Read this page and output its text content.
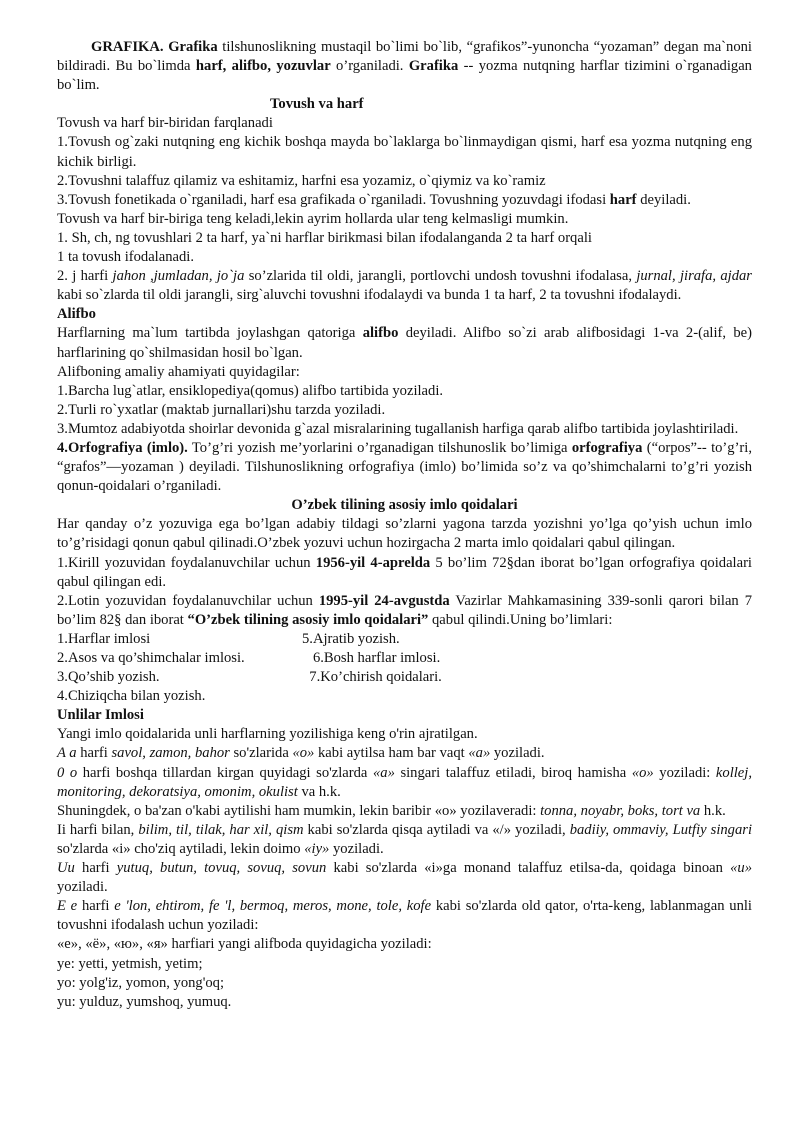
GRAFIKA. Grafika tilshunoslikning mustaqil bo`limi bo`lib, “grafikos”-yunoncha “yozaman” degan ma`noni bildiradi. Bu bo`limda harf, alifbo, yozuvlar o’rganiladi. Grafika -- yozma nutqning harflar tizimini o`rganadigan bo`lim.

Tovush va harf

Tovush va harf bir-biridan farqlanadi

1.Tovush og`zaki nutqning eng kichik boshqa mayda bo`laklarga bo`linmaydigan qismi, harf esa yozma nutqning eng kichik birligi.

2.Tovushni talaffuz qilamiz va eshitamiz, harfni esa yozamiz, o`qiymiz va ko`ramiz

3.Tovush fonetikada o`rganiladi, harf esa grafikada o`rganiladi. Tovushning yozuvdagi ifodasi harf deyiladi.

Tovush va harf bir-biriga teng keladi,lekin ayrim hollarda ular teng kelmasligi mumkin.

1. Sh, ch, ng tovushlari 2 ta harf, ya`ni harflar birikmasi bilan ifodalanganda 2 ta harf orqali

1 ta tovush ifodalanadi.

2. j harfi jahon ,jumladan, jo`ja so’zlarida til oldi, jarangli, portlovchi undosh tovushni ifodalasa, jurnal, jirafa, ajdar kabi so`zlarda til oldi jarangli, sirg`aluvchi tovushni ifodalaydi va bunda 1 ta harf, 2 ta tovushni ifodalaydi.

Alifbo

Harflarning ma`lum tartibda joylashgan qatoriga alifbo deyiladi. Alifbo so`zi arab alifbosidagi 1-va 2-(alif, be) harflarining qo`shilmasidan hosil bo`lgan.

Alifboning amaliy ahamiyati quyidagilar:

1.Barcha lug`atlar, ensiklopediya(qomus) alifbo tartibida yoziladi.

2.Turli ro`yxatlar (maktab jurnallari)shu tarzda yoziladi.

3.Mumtoz adabiyotda shoirlar devonida g`azal misralarining tugallanish harfiga qarab alifbo tartibida joylashtiriladi.

4.Orfografiya (imlo). To’g’ri yozish me’yorlarini o’rganadigan tilshunoslik bo’limiga orfografiya (“orpos”-- to’g’ri, “grafos”—yozaman ) deyiladi. Tilshunoslikning orfografiya (imlo) bo’limida so’z va qo’shimchalarni to’g’ri yozish qonun-qoidalari o’rganiladi.

O’zbek tilining asosiy imlo qoidalari

Har qanday o’z yozuviga ega bo’lgan adabiy tildagi so’zlarni yagona tarzda yozishni yo’lga qo’yish uchun imlo to’g’risidagi qonun qabul qilinadi.O’zbek yozuvi uchun hozirgacha 2 marta imlo qoidalari qabul qilingan.

1.Kirill yozuvidan foydalanuvchilar uchun 1956-yil 4-aprelda 5 bo’lim 72§dan iborat bo’lgan orfografiya qoidalari qabul qilingan edi.

2.Lotin yozuvidan foydalanuvchilar uchun 1995-yil 24-avgustda Vazirlar Mahkamasining 339-sonli qarori bilan 7 bo’lim 82§ dan iborat “O’zbek tilining asosiy imlo qoidalari” qabul qilindi.Uning bo’limlari:

1.Harflar imlosi	5.Ajratib yozish.
2.Asos va qo’shimchalar imlosi.	6.Bosh harflar imlosi.
3.Qo’shib yozish.	7.Ko’chirish qoidalari.
4.Chiziqcha bilan yozish.

Unlilar Imlosi

Yangi imlo qoidalarida unli harflarning yozilishiga keng o'rin ajratilgan.

A a harfi savol, zamon, bahor so'zlarida «o» kabi aytilsa ham bar vaqt «a» yoziladi.

0 o harfi boshqa tillardan kirgan quyidagi so'zlarda «a» singari talaffuz etiladi, biroq hamisha «o» yoziladi: kollej, monitoring, dekoratsiya, omonim, okulist va h.k.

Shuningdek, o ba'zan o'kabi aytilishi ham mumkin, lekin baribir «o» yozilaveradi: tonna, noyabr, boks, tort va h.k.

Ii harfi bilan, bilim, til, tilak, har xil, qism kabi so'zlarda qisqa aytiladi va «/» yoziladi, badiiy, ommaviy, Lutfiy singari so'zlarda «i» cho'ziq aytiladi, lekin doimo «iy» yoziladi.

Uu harfi yutuq, butun, tovuq, sovuq, sovun kabi so'zlarda «i»ga monand talaffuz etilsa-da, qoidaga binoan «u» yoziladi.

E e harfi e 'lon, ehtirom, fe 'l, bermoq, meros, mone, tole, kofe kabi so'zlarda old qator, o'rta-keng, lablanmagan unli tovushni ifodalash uchun yoziladi:

«е», «ё», «ю», «я» harfiari yangi alifboda quyidagicha yoziladi:

ye: yetti, yetmish, yetim;

yo: yolg'iz, yomon, yong'oq;

yu: yulduz, yumshoq, yumuq.
